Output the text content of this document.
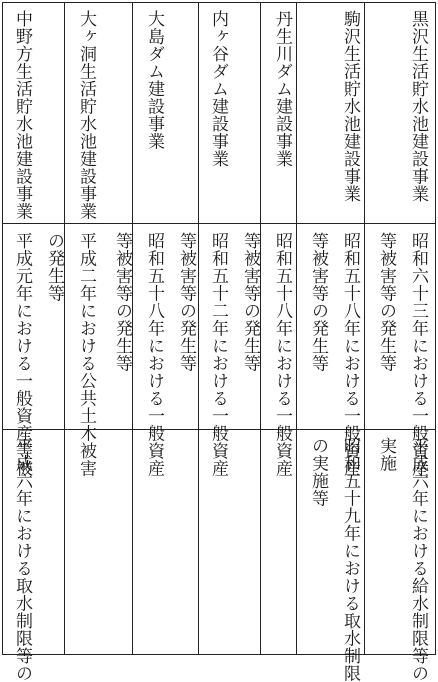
黒沢生活貯水池建設事業
昭和六十三年における一般資産
等被害等の発生等
平成六年における給水制限等の
実施
駒沢生活貯水池建設事業
昭和五十八年における一般資産
等被害等の発生等
昭和五十九年における取水制限
の実施等
丹生川ダム建設事業
昭和五十八年における一般資産
等被害等の発生等
内ヶ谷ダム建設事業
昭和五十二年における一般資産
等被害等の発生等
大島ダム建設事業
昭和五十八年における一般資産
等被害等の発生等
大ヶ洞生活貯水池建設事業
平成二年における公共土木被害
の発生等
中野方生活貯水池建設事業
平成元年における一般資産等被
平成六年における取水制限等の
